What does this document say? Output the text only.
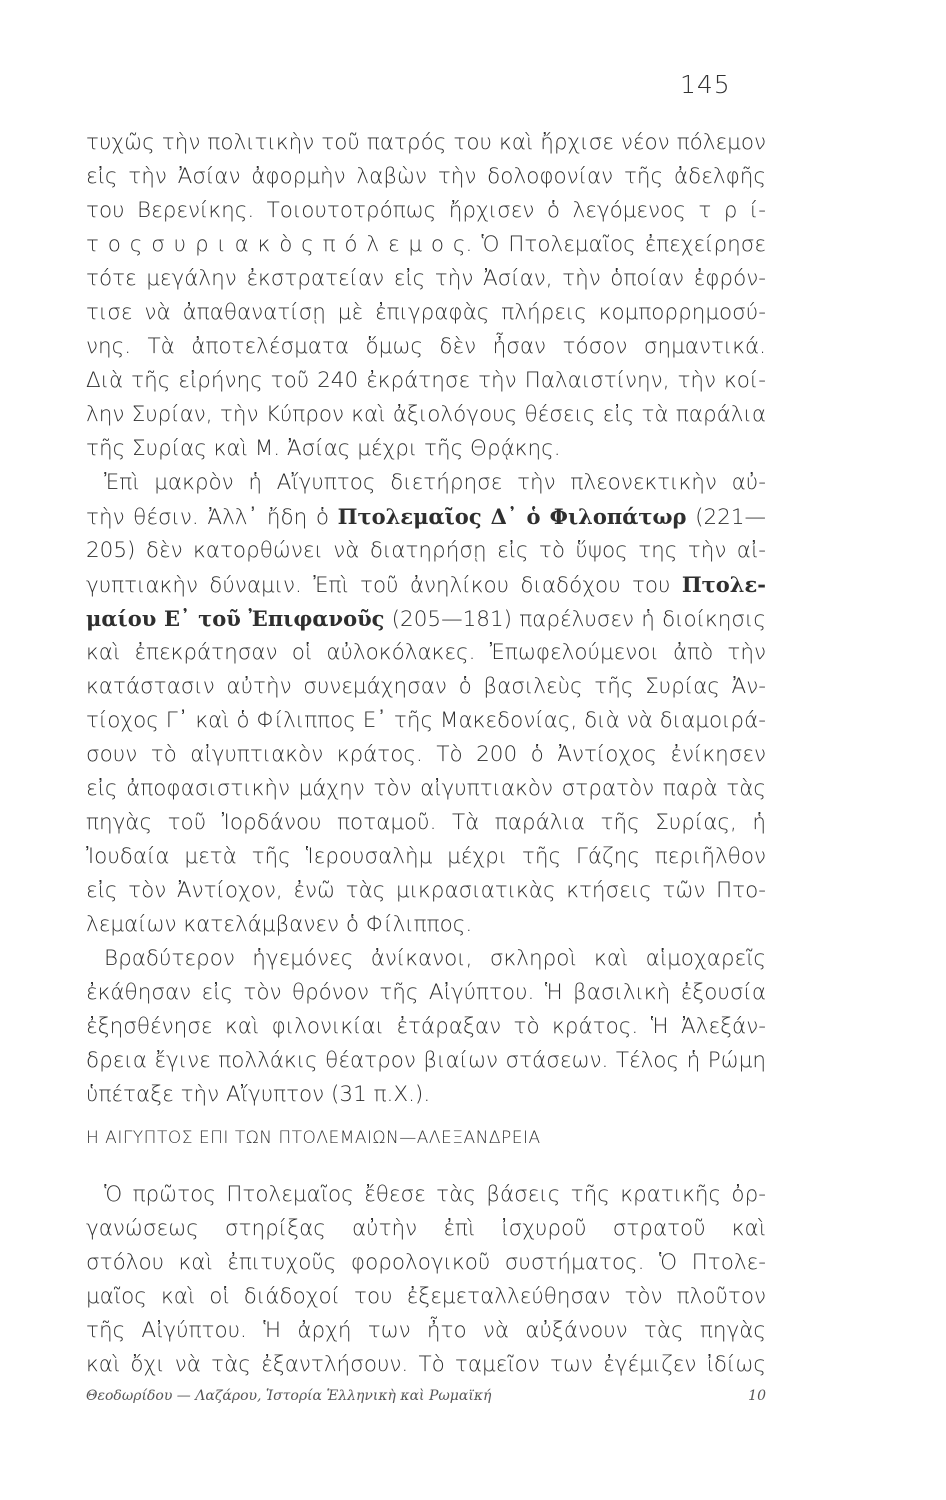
145
τυχῶς τὴν πολιτικὴν τοῦ πατρός του καὶ ἤρχισε νέον πόλεμον
εἰς τὴν Ἀσίαν ἀφορμὴν λαβὼν τὴν δολοφονίαν τῆς ἀδελφῆς
του Βερενίκης. Τοιουτοτρόπως ἤρχισεν ὁ λεγόμενος τ ρ ί-
τ ο ς σ υ ρ ι α κ ὸ ς π ό λ ε μ ο ς. Ὁ Πτολεμαῖος ἐπεχείρησε
τότε μεγάλην ἐκστρατείαν εἰς τὴν Ἀσίαν, τὴν ὁποίαν ἐφρόν-
τισε νὰ ἀπαθανατίσῃ μὲ ἐπιγραφὰς πλήρεις κομπορρημοσύ-
νης. Τὰ ἀποτελέσματα ὅμως δὲν ἦσαν τόσον σημαντικά.
Διὰ τῆς εἰρήνης τοῦ 240 ἐκράτησε τὴν Παλαιστίνην, τὴν κοί-
λην Συρίαν, τὴν Κύπρον καὶ ἀξιολόγους θέσεις εἰς τὰ παράλια
τῆς Συρίας καὶ Μ. Ἀσίας μέχρι τῆς Θρᾴκης.
Ἐπὶ μακρὸν ἡ Αἴγυπτος διετήρησε τὴν πλεονεκτικὴν αὐ-
τὴν θέσιν. Ἀλλ᾽ ἤδη ὁ Πτολεμαῖος Δ᾽ ὁ Φιλοπάτωρ (221—
205) δὲν κατορθώνει νὰ διατηρήσῃ εἰς τὸ ὕψος της τὴν αἰ-
γυπτιακὴν δύναμιν. Ἐπὶ τοῦ ἀνηλίκου διαδόχου του Πτολε-
μαίου Ε᾽ τοῦ Ἐπιφανοῦς (205—181) παρέλυσεν ἡ διοίκησις
καὶ ἐπεκράτησαν οἱ αὐλοκόλακες. Ἐπωφελούμενοι ἀπὸ τὴν
κατάστασιν αὐτὴν συνεμάχησαν ὁ βασιλεὺς τῆς Συρίας Ἀν-
τίοχος Γ᾽ καὶ ὁ Φίλιππος Ε᾽ τῆς Μακεδονίας, διὰ νὰ διαμοιρά-
σουν τὸ αἰγυπτιακὸν κράτος. Τὸ 200 ὁ Ἀντίοχος ἐνίκησεν
εἰς ἀποφασιστικὴν μάχην τὸν αἰγυπτιακὸν στρατὸν παρὰ τὰς
πηγὰς τοῦ Ἰορδάνου ποταμοῦ. Τὰ παράλια τῆς Συρίας, ἡ
Ἰουδαία μετὰ τῆς Ἱερουσαλὴμ μέχρι τῆς Γάζης περιῆλθον
εἰς τὸν Ἀντίοχον, ἐνῶ τὰς μικρασιατικὰς κτήσεις τῶν Πτο-
λεμαίων κατελάμβανεν ὁ Φίλιππος.
Βραδύτερον ἡγεμόνες ἀνίκανοι, σκληροὶ καὶ αἱμοχαρεῖς
ἐκάθησαν εἰς τὸν θρόνον τῆς Αἰγύπτου. Ἡ βασιλικὴ ἐξουσία
ἐξησθένησε καὶ φιλονικίαι ἐτάραξαν τὸ κράτος. Ἡ Ἀλεξάν-
δρεια ἔγινε πολλάκις θέατρον βιαίων στάσεων. Τέλος ἡ Ρώμη
ὑπέταξε τὴν Αἴγυπτον (31 π.Χ.).
Η ΑΙΓΥΠΤΟΣ ΕΠΙ ΤΩΝ ΠΤΟΛΕΜΑΙΩΝ—ΑΛΕΞΑΝΔΡΕΙΑ
Ὁ πρῶτος Πτολεμαῖος ἔθεσε τὰς βάσεις τῆς κρατικῆς ὀρ-
γανώσεως στηρίξας αὐτὴν ἐπὶ ἰσχυροῦ στρατοῦ καὶ
στόλου καὶ ἐπιτυχοῦς φορολογικοῦ συστήματος. Ὁ Πτολε-
μαῖος καὶ οἱ διάδοχοί του ἐξεμεταλλεύθησαν τὸν πλοῦτον
τῆς Αἰγύπτου. Ἡ ἀρχή των ἦτο νὰ αὐξάνουν τὰς πηγὰς
καὶ ὄχι νὰ τὰς ἐξαντλήσουν. Τὸ ταμεῖον των ἐγέμιζεν ἰδίως
Θεοδωρίδου — Λαζάρου, Ἱστορία Ἑλληνικὴ καὶ Ρωμαϊκή	10
